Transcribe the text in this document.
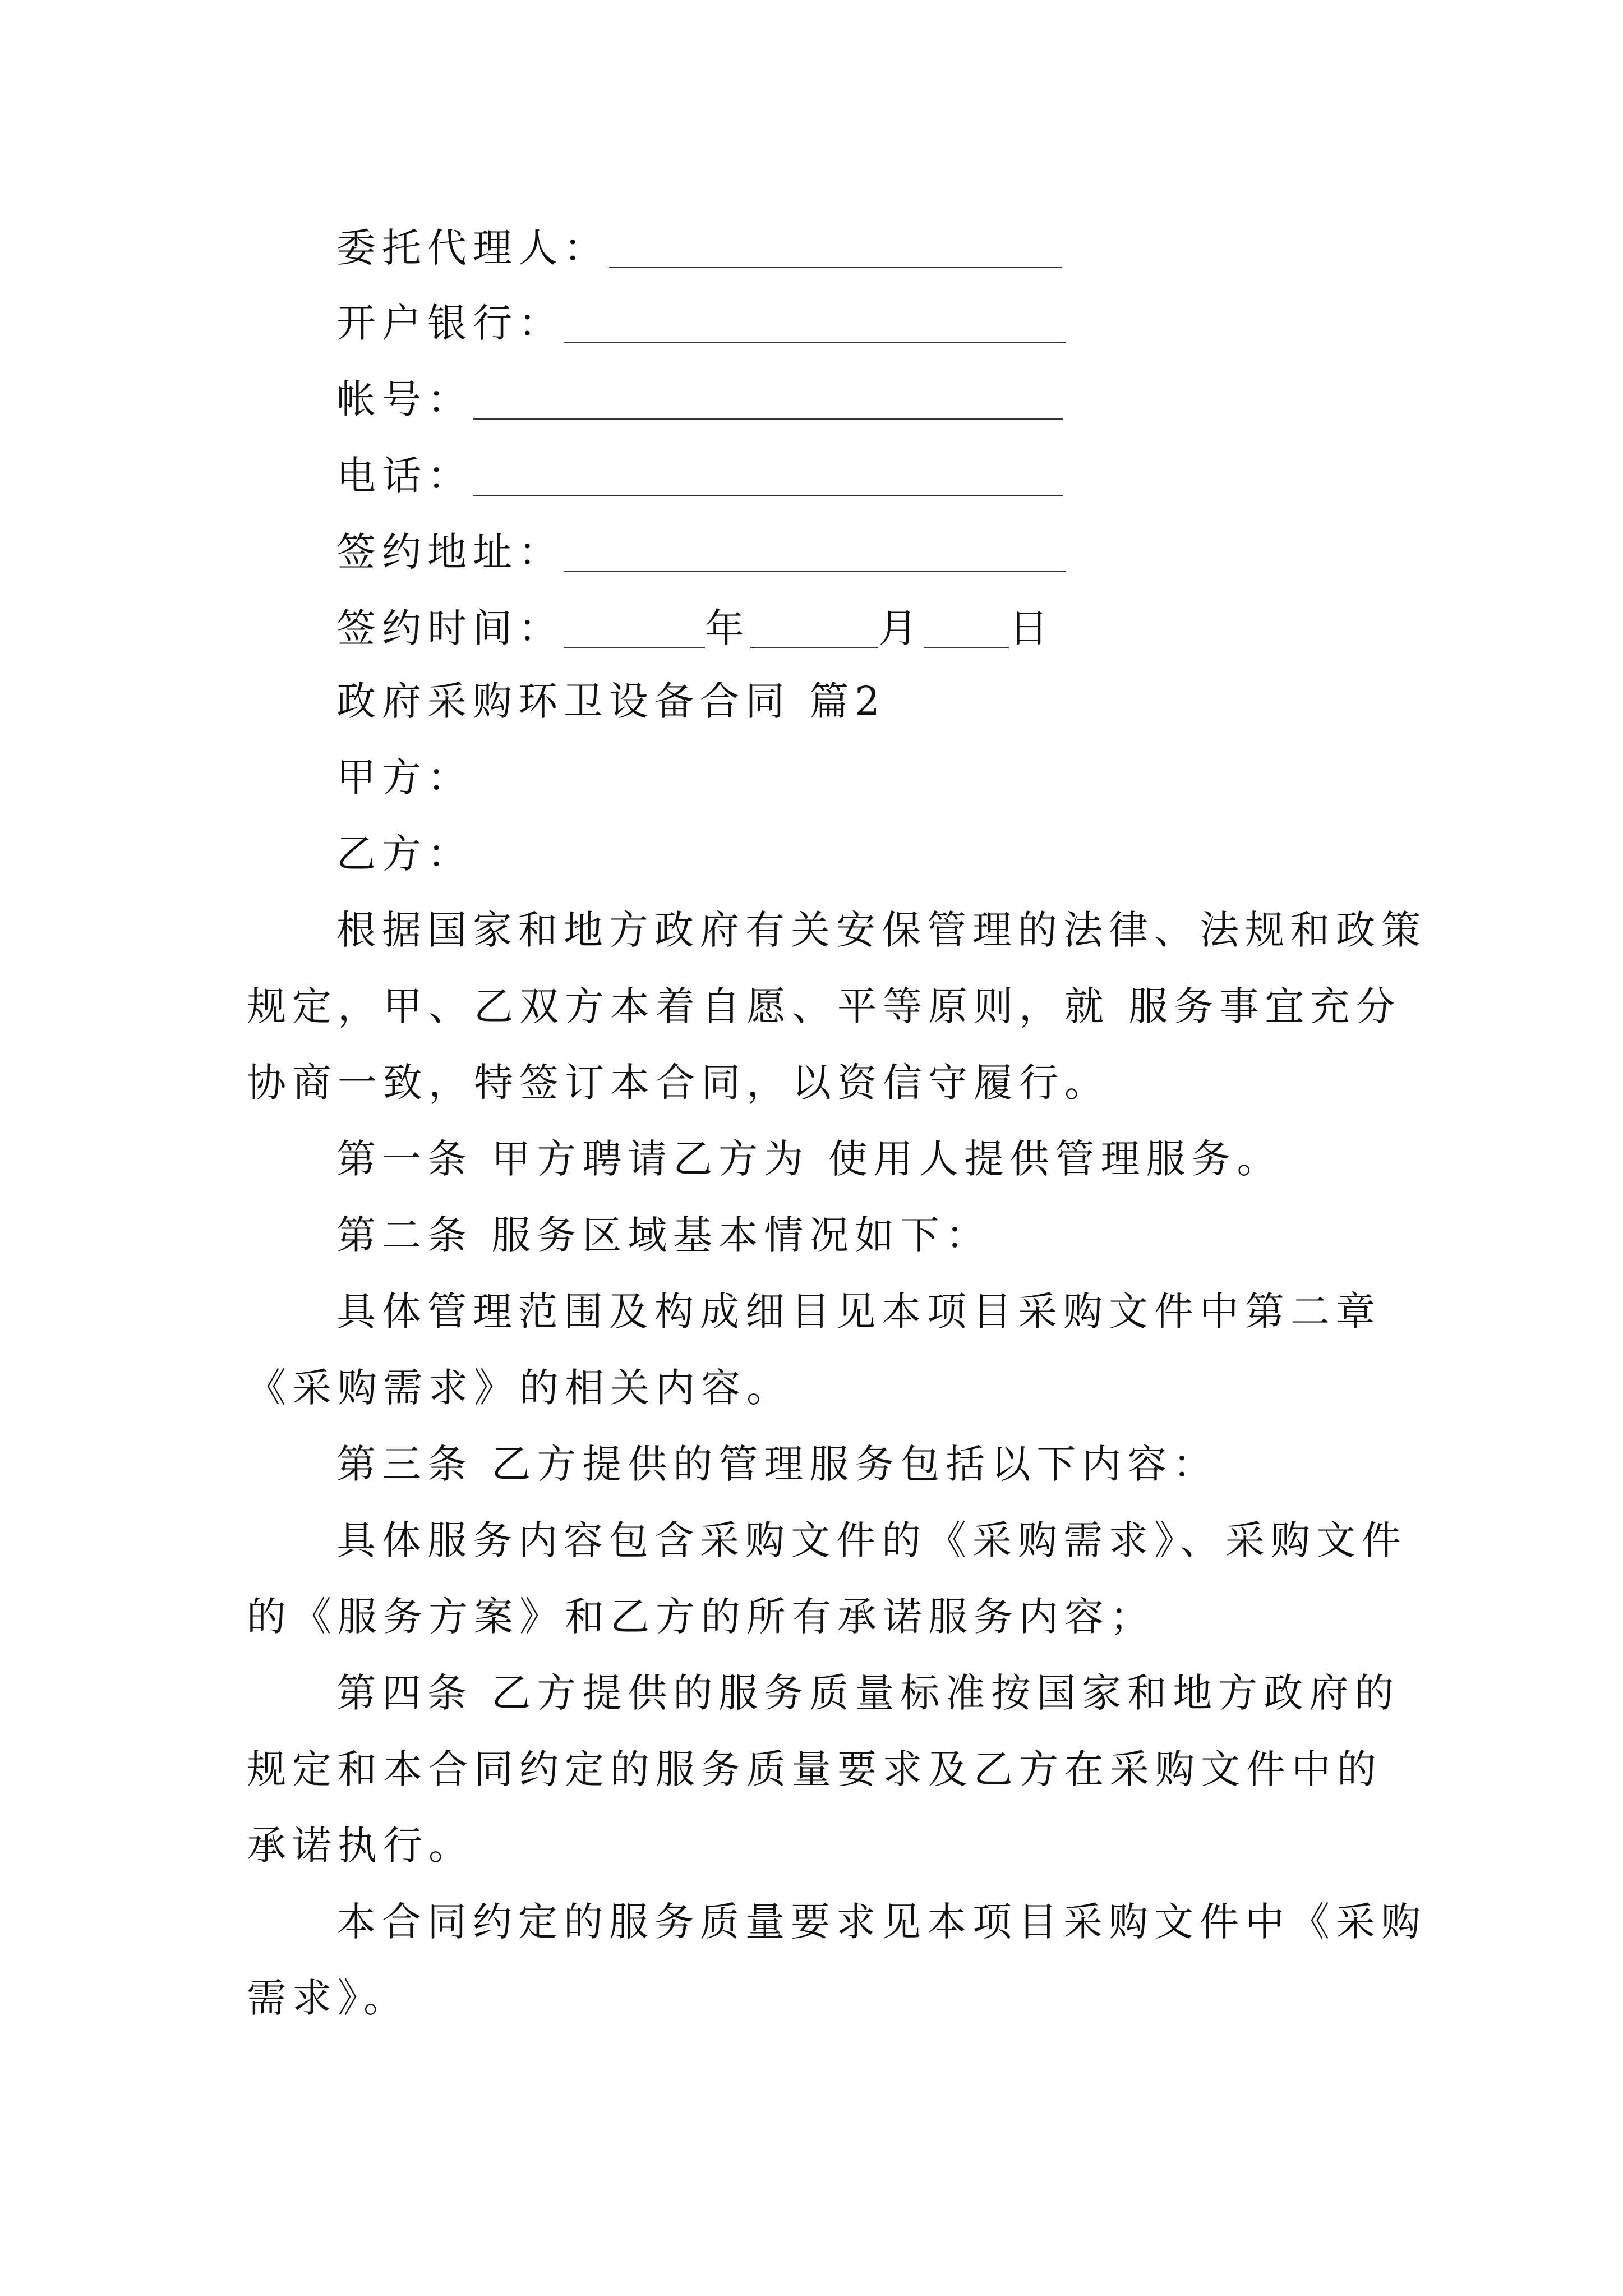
委托代理人：
开户银行：
帐号：
电话：
签约地址：
签约时间：	年	月 日
政府采购环卫设备合同 篇2
甲方：
乙方：
根据国家和地方政府有关安保管理的法律、法规和政策
规定，甲、乙双方本着自愿、平等原则，就 服务事宜充分
协商一致，特签订本合同，以资信守履行。
第一条 甲方聘请乙方为 使用人提供管理服务。
第二条 服务区域基本情况如下：
具体管理范围及构成细目见本项目采购文件中第二章
《采购需求》的相关内容。
第三条 乙方提供的管理服务包括以下内容：
具体服务内容包含采购文件的《采购需求》、采购文件
的《服务方案》和乙方的所有承诺服务内容；
第四条 乙方提供的服务质量标准按国家和地方政府的
规定和本合同约定的服务质量要求及乙方在采购文件中的
承诺执行。
本合同约定的服务质量要求见本项目采购文件中《采购
需求》。
